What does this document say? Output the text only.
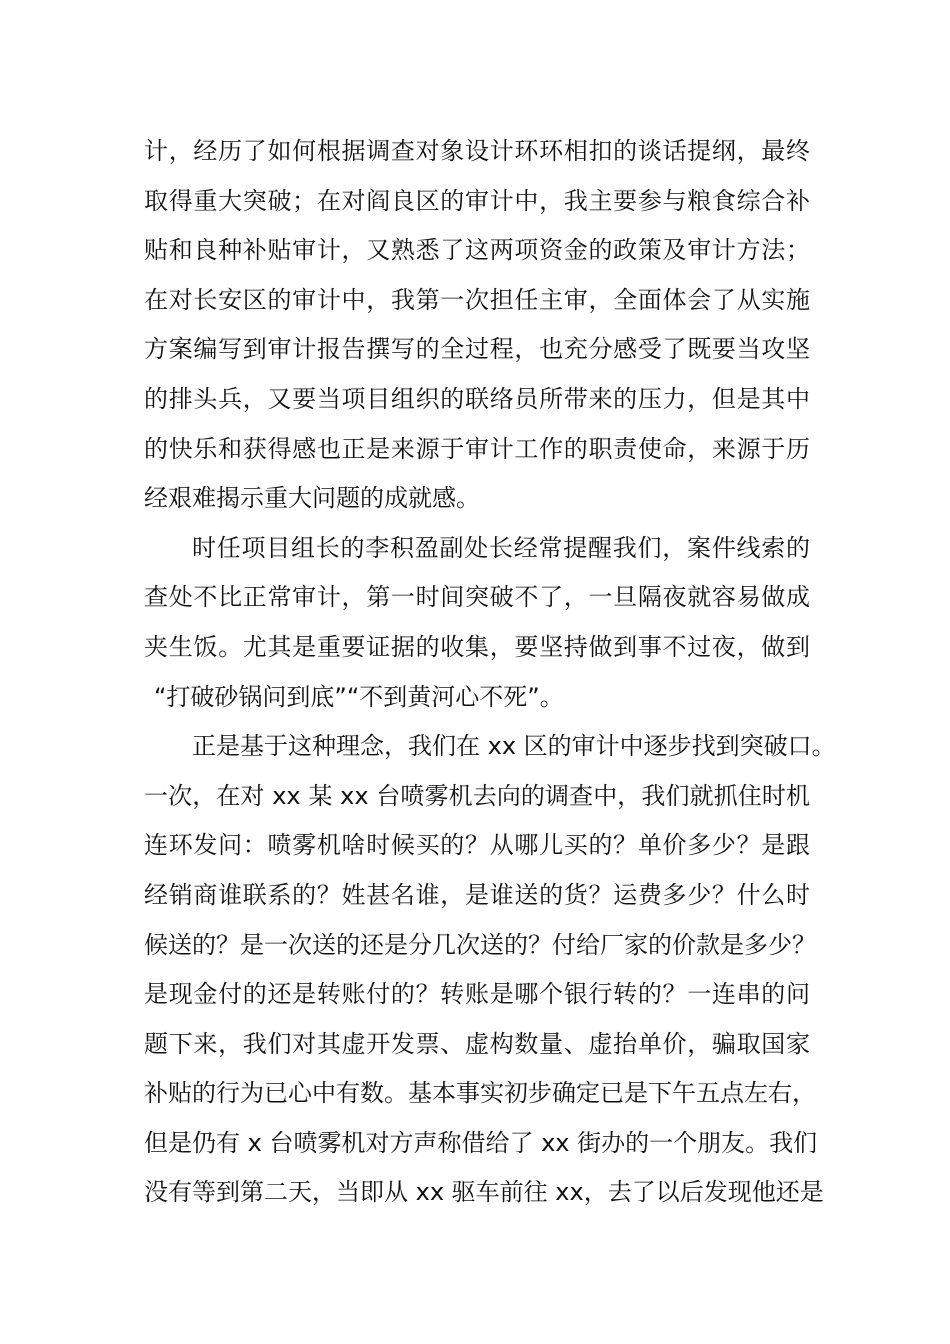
计，经历了如何根据调查对象设计环环相扣的谈话提纲，最终
取得重大突破；在对阎良区的审计中，我主要参与粮食综合补
贴和良种补贴审计，又熟悉了这两项资金的政策及审计方法；
在对长安区的审计中，我第一次担任主审，全面体会了从实施
方案编写到审计报告撰写的全过程，也充分感受了既要当攻坚
的排头兵，又要当项目组织的联络员所带来的压力，但是其中
的快乐和获得感也正是来源于审计工作的职责使命，来源于历
经艰难揭示重大问题的成就感。
时任项目组长的李积盈副处长经常提醒我们，案件线索的
查处不比正常审计，第一时间突破不了，一旦隔夜就容易做成
夹生饭。尤其是重要证据的收集，要坚持做到事不过夜，做到
“打破砂锅问到底”“不到黄河心不死”。
正是基于这种理念，我们在 xx 区的审计中逐步找到突破口。
一次，在对 xx 某 xx 台喷雾机去向的调查中，我们就抓住时机
连环发问：喷雾机啥时候买的？从哪儿买的？单价多少？是跟
经销商谁联系的？姓甚名谁，是谁送的货？运费多少？什么时
候送的？是一次送的还是分几次送的？付给厂家的价款是多少？
是现金付的还是转账付的？转账是哪个银行转的？一连串的问
题下来，我们对其虚开发票、虚构数量、虚抬单价，骗取国家
补贴的行为已心中有数。基本事实初步确定已是下午五点左右，
但是仍有 x 台喷雾机对方声称借给了 xx 街办的一个朋友。我们
没有等到第二天，当即从 xx 驱车前往 xx，去了以后发现他还是
